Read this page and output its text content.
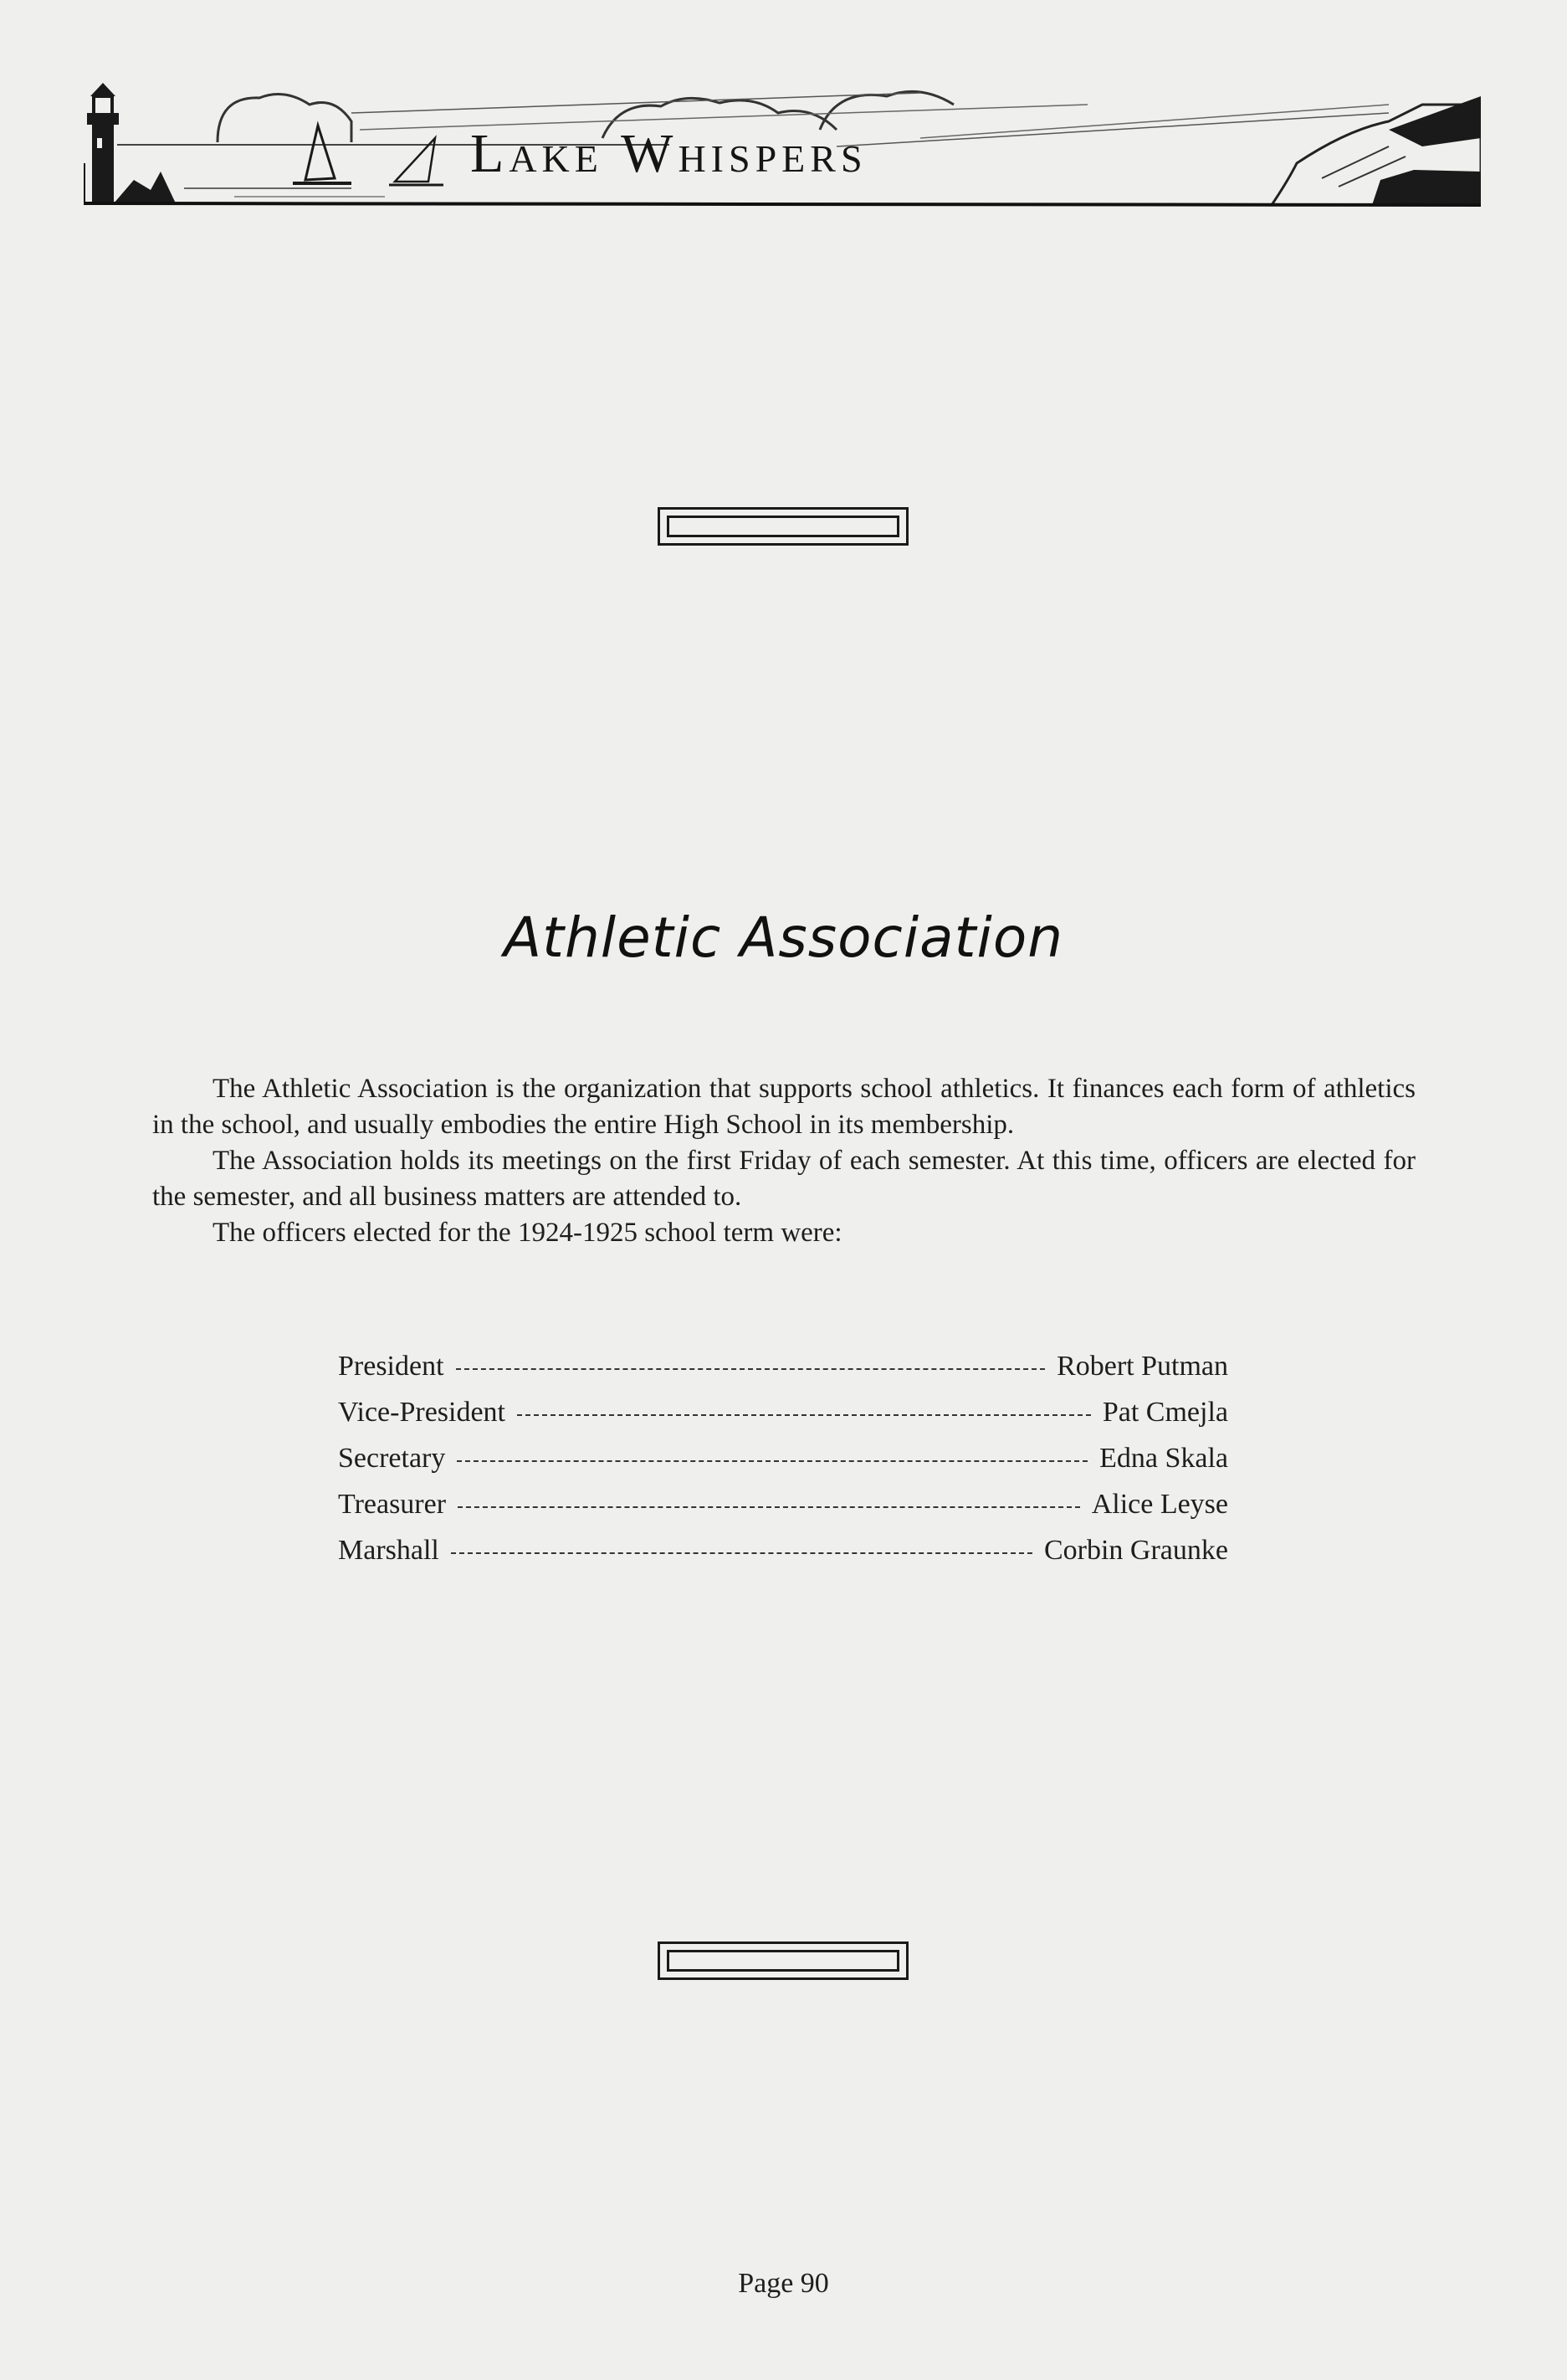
Lake Whispers
Athletic Association

The Athletic Association is the organization that supports school athletics. It finances each form of athletics in the school, and usually embodies the entire High School in its membership.

The Association holds its meetings on the first Friday of each semester. At this time, officers are elected for the semester, and all business matters are attended to.

The officers elected for the 1924-1925 school term were:

President	Robert Putman
Vice-President	Pat Cmejla
Secretary	Edna Skala
Treasurer	Alice Leyse
Marshall	Corbin Graunke
Page 90
